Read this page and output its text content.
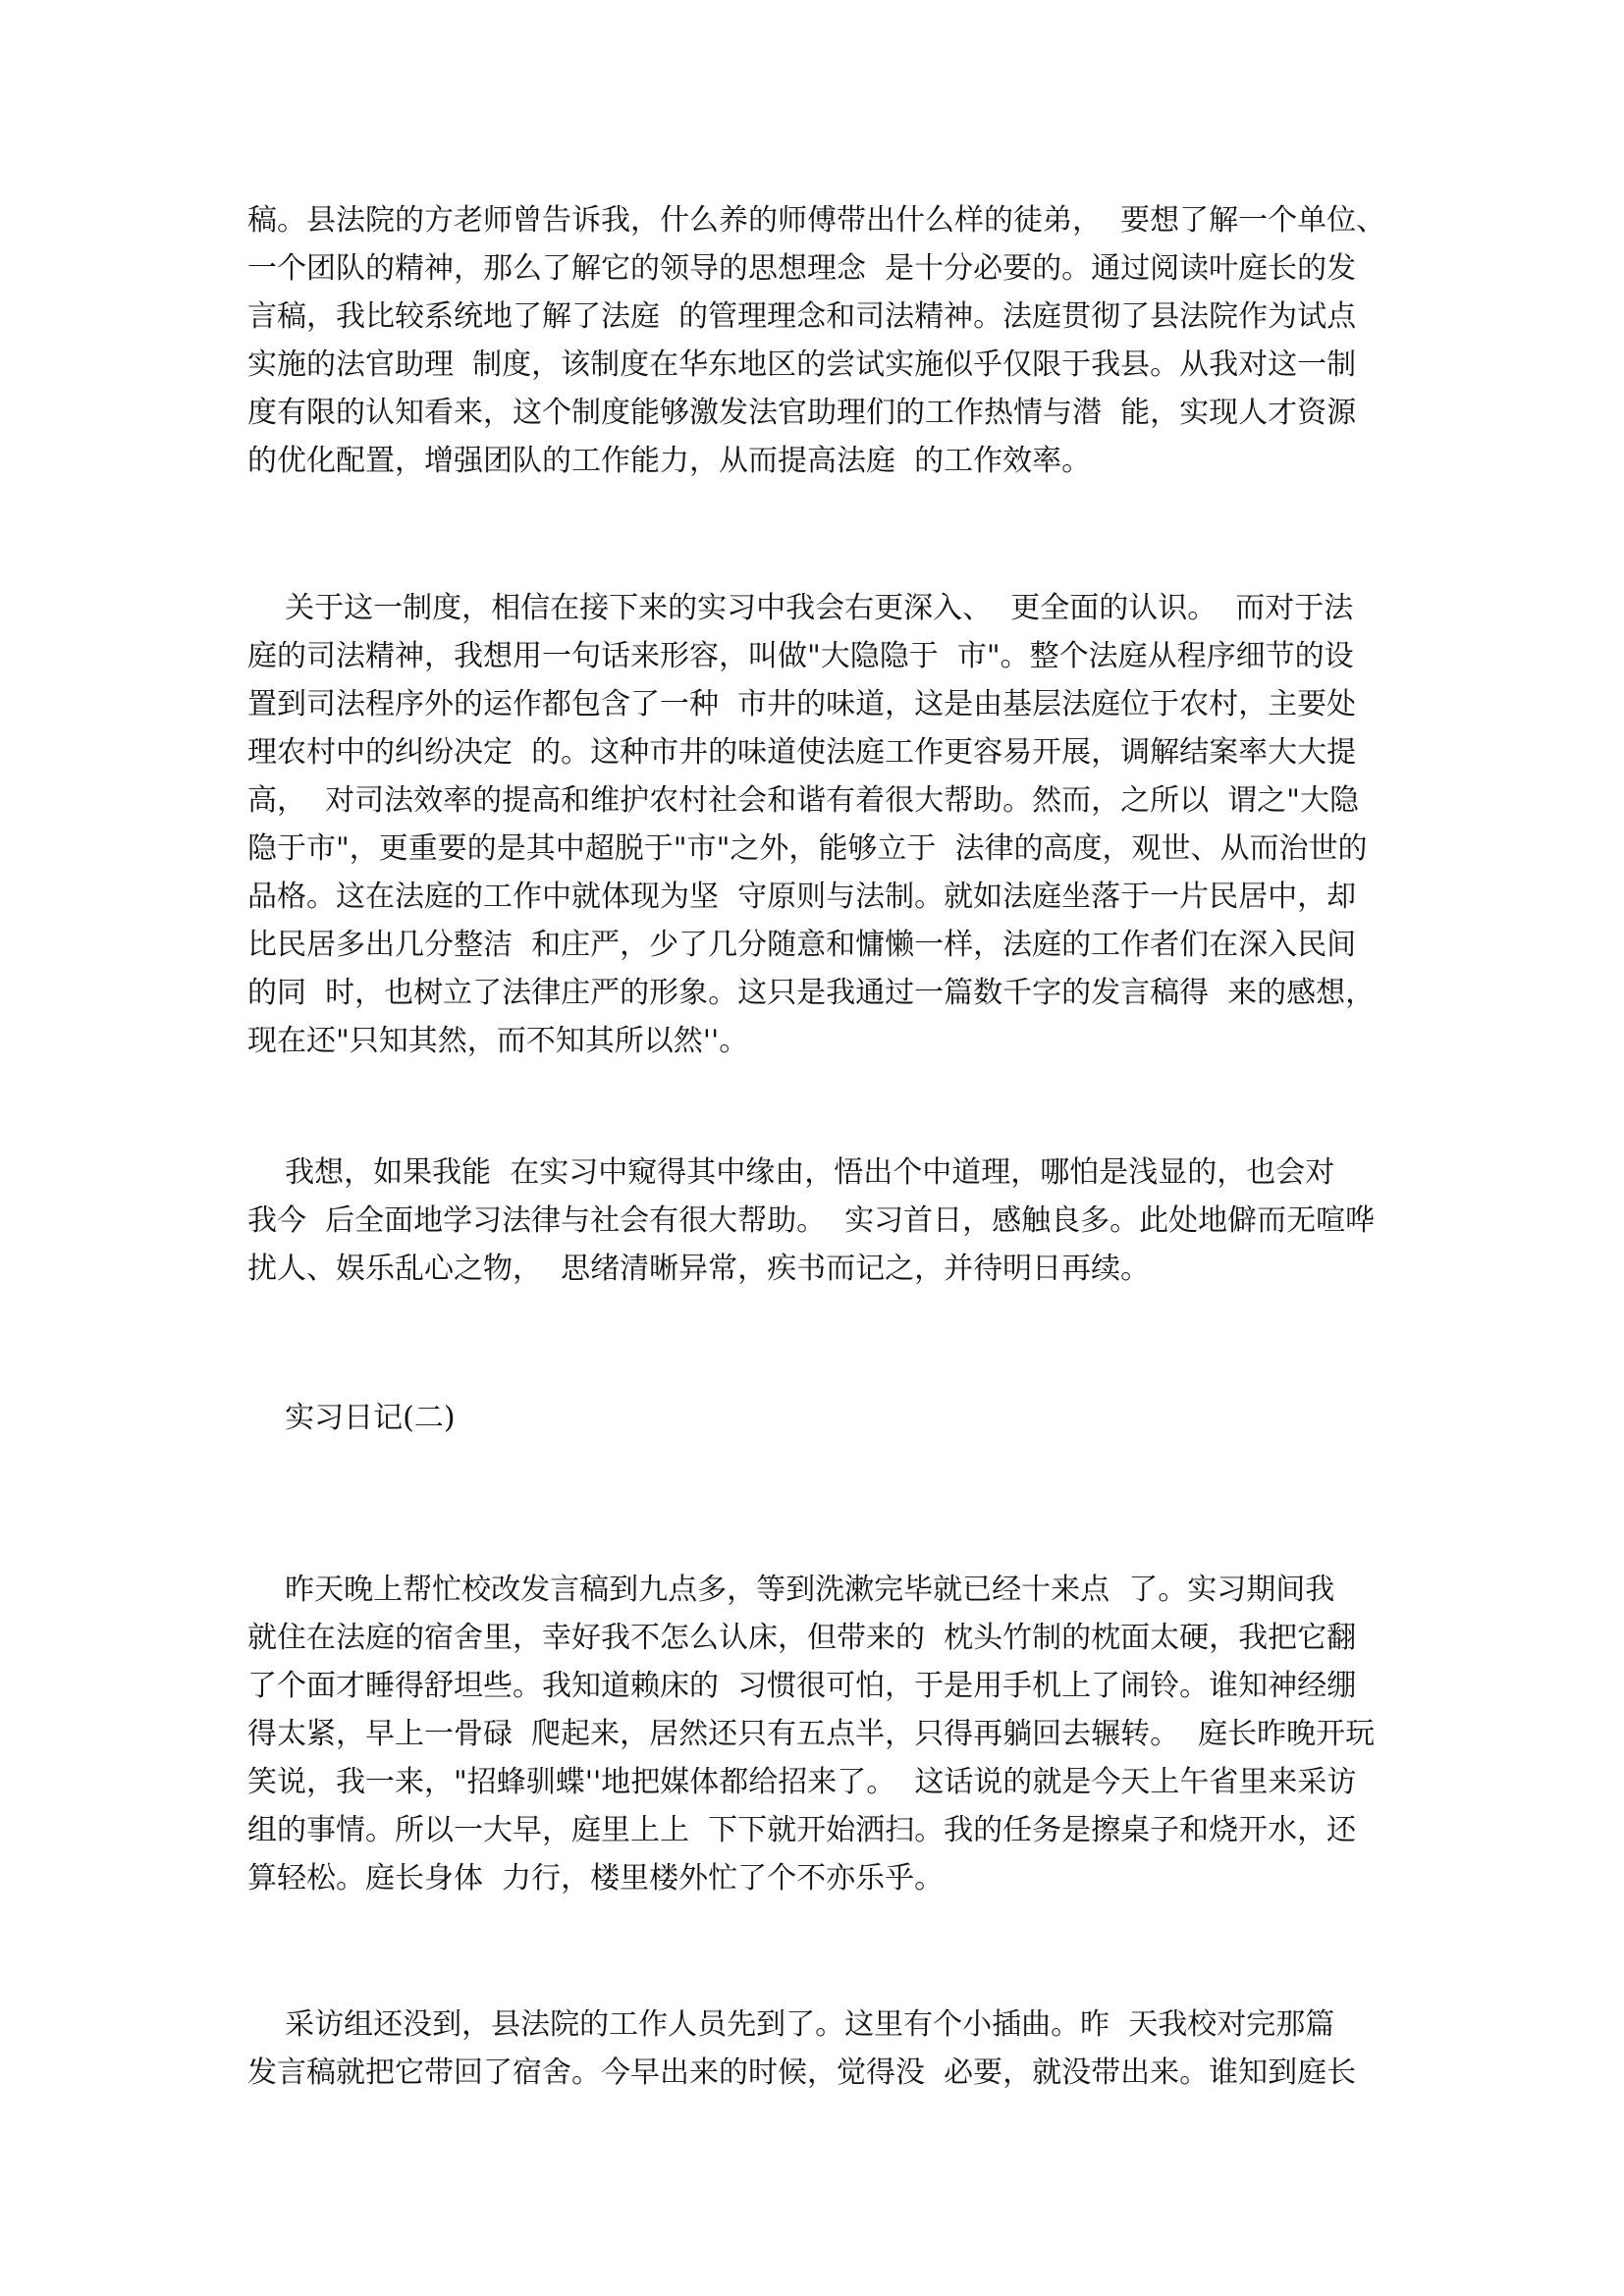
稿。县法院的方老师曾告诉我，什么养的师傅带出什么样的徒弟，  要想了解一个单位、
一个团队的精神，那么了解它的领导的思想理念  是十分必要的。通过阅读叶庭长的发
言稿，我比较系统地了解了法庭  的管理理念和司法精神。法庭贯彻了县法院作为试点
实施的法官助理  制度，该制度在华东地区的尝试实施似乎仅限于我县。从我对这一制
度有限的认知看来，这个制度能够激发法官助理们的工作热情与潜  能，实现人才资源
的优化配置，增强团队的工作能力，从而提高法庭  的工作效率。
关于这一制度，相信在接下来的实习中我会右更深入、  更全面的认识。  而对于法
庭的司法精神，我想用一句话来形容，叫做"大隐隐于  市"。整个法庭从程序细节的设
置到司法程序外的运作都包含了一种  市井的味道，这是由基层法庭位于农村，主要处
理农村中的纠纷决定  的。这种市井的味道使法庭工作更容易开展，调解结案率大大提
高，  对司法效率的提高和维护农村社会和谐有着很大帮助。然而，之所以  谓之"大隐
隐于市"，更重要的是其中超脱于"市"之外，能够立于  法律的高度，观世、从而治世的
品格。这在法庭的工作中就体现为坚  守原则与法制。就如法庭坐落于一片民居中，却
比民居多出几分整洁  和庄严，少了几分随意和慵懒一样，法庭的工作者们在深入民间
的同  时，也树立了法律庄严的形象。这只是我通过一篇数千字的发言稿得  来的感想，
现在还"只知其然，而不知其所以然''。
我想，如果我能  在实习中窥得其中缘由，悟出个中道理，哪怕是浅显的，也会对
我今  后全面地学习法律与社会有很大帮助。  实习首日，感触良多。此处地僻而无喧哗
扰人、娱乐乱心之物，  思绪清晰异常，疾书而记之，并待明日再续。
实习日记(二)
昨天晚上帮忙校改发言稿到九点多，等到洗漱完毕就已经十来点  了。实习期间我
就住在法庭的宿舍里，幸好我不怎么认床，但带来的  枕头竹制的枕面太硬，我把它翻
了个面才睡得舒坦些。我知道赖床的  习惯很可怕，于是用手机上了闹铃。谁知神经绷
得太紧，早上一骨碌  爬起来，居然还只有五点半，只得再躺回去辗转。  庭长昨晚开玩
笑说，我一来，"招蜂驯蝶''地把媒体都给招来了。  这话说的就是今天上午省里来采访
组的事情。所以一大早，庭里上上  下下就开始洒扫。我的任务是擦桌子和烧开水，还
算轻松。庭长身体  力行，楼里楼外忙了个不亦乐乎。
采访组还没到，县法院的工作人员先到了。这里有个小插曲。昨  天我校对完那篇
发言稿就把它带回了宿舍。今早出来的时候，觉得没  必要，就没带出来。谁知到庭长
